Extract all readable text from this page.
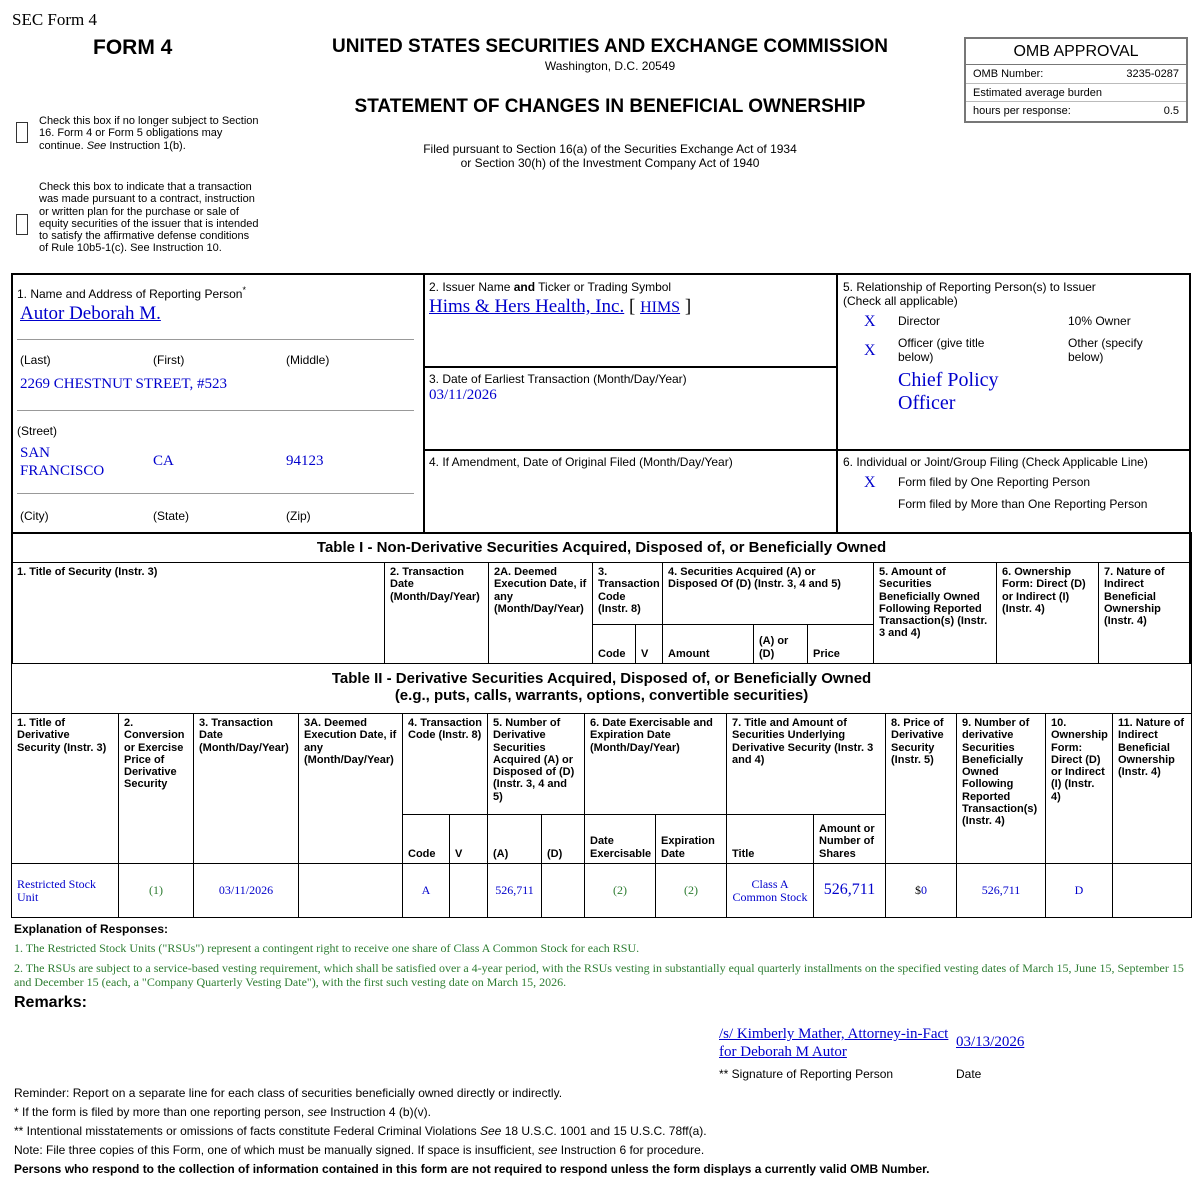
SEC Form 4
FORM 4	UNITED STATES SECURITIES AND EXCHANGE COMMISSION
Washington, D.C. 20549
STATEMENT OF CHANGES IN BENEFICIAL OWNERSHIP
Filed pursuant to Section 16(a) of the Securities Exchange Act of 1934
or Section 30(h) of the Investment Company Act of 1940
OMB APPROVAL
OMB Number:	3235-0287
Estimated average burden
hours per response:	0.5
Check this box if no longer subject to Section 16. Form 4 or Form 5 obligations may continue. See Instruction 1(b).
Check this box to indicate that a transaction was made pursuant to a contract, instruction or written plan for the purchase or sale of equity securities of the issuer that is intended to satisfy the affirmative defense conditions of Rule 10b5-1(c). See Instruction 10.
1. Name and Address of Reporting Person*
Autor Deborah M.
(Last)	(First)	(Middle)
2269 CHESTNUT STREET, #523
(Street)
SAN FRANCISCO
CA	94123
(City)	(State)	(Zip)
2. Issuer Name and Ticker or Trading Symbol
Hims & Hers Health, Inc. [ HIMS ]
3. Date of Earliest Transaction (Month/Day/Year)
03/11/2026
4. If Amendment, Date of Original Filed (Month/Day/Year)
5. Relationship of Reporting Person(s) to Issuer
(Check all applicable)
X Director	10% Owner
X Officer (give title below)
Other (specify below)
Chief Policy Officer
6. Individual or Joint/Group Filing (Check Applicable Line)
X Form filed by One Reporting Person
Form filed by More than One Reporting Person
Table I - Non-Derivative Securities Acquired, Disposed of, or Beneficially Owned										
1. Title of Security (Instr. 3)	2. Transaction Date (Month/Day/Year)	2A. Deemed Execution Date, if any (Month/Day/Year)	3. Transaction Code (Instr. 8)		4. Securities Acquired (A) or Disposed Of (D) (Instr. 3, 4 and 5)			5. Amount of Securities Beneficially Owned Following Reported Transaction(s) (Instr. 3 and 4)	6. Ownership Form: Direct (D) or Indirect (I) (Instr. 4)	7. Nature of Indirect Beneficial Ownership (Instr. 4)
			Code	V	Amount	(A) or (D)	Price			
Table II - Derivative Securities Acquired, Disposed of, or Beneficially Owned
(e.g., puts, calls, warrants, options, convertible securities)															

1. Title of Derivative Security (Instr. 3)	2. Conversion or Exercise Price of Derivative Security	3. Transaction Date (Month/Day/Year)	3A. Deemed Execution Date, if any (Month/Day/Year)	4. Transaction Code (Instr. 8)		5. Number of Derivative Securities Acquired (A) or Disposed of (D) (Instr. 3, 4 and 5)		6. Date Exercisable and Expiration Date (Month/Day/Year)		7. Title and Amount of Securities Underlying Derivative Security (Instr. 3 and 4)		8. Price of Derivative Security (Instr. 5)	9. Number of derivative Securities Beneficially Owned Following Reported Transaction(s) (Instr. 4)	10. Ownership Form: Direct (D) or Indirect (I) (Instr. 4)	11. Nature of Indirect Beneficial Ownership (Instr. 4)
				Code	V	(A)	(D)	Date Exercisable	Expiration Date	Title	Amount or Number of Shares				
Restricted Stock Unit	(1)	03/11/2026		A		526,711		(2)	(2)	Class A Common Stock	526,711	$0	526,711	D	
Explanation of Responses:
1. The Restricted Stock Units ("RSUs") represent a contingent right to receive one share of Class A Common Stock for each RSU.
2. The RSUs are subject to a service-based vesting requirement, which shall be satisfied over a 4-year period, with the RSUs vesting in substantially equal quarterly installments on the specified vesting dates of March 15, June 15, September 15 and December 15 (each, a "Company Quarterly Vesting Date"), with the first such vesting date on March 15, 2026.
Remarks:
/s/ Kimberly Mather, Attorney-in-Fact for Deborah M Autor
03/13/2026
** Signature of Reporting Person	Date
Reminder: Report on a separate line for each class of securities beneficially owned directly or indirectly.
* If the form is filed by more than one reporting person, see Instruction 4 (b)(v).
** Intentional misstatements or omissions of facts constitute Federal Criminal Violations See 18 U.S.C. 1001 and 15 U.S.C. 78ff(a).
Note: File three copies of this Form, one of which must be manually signed. If space is insufficient, see Instruction 6 for procedure.
Persons who respond to the collection of information contained in this form are not required to respond unless the form displays a currently valid OMB Number.
